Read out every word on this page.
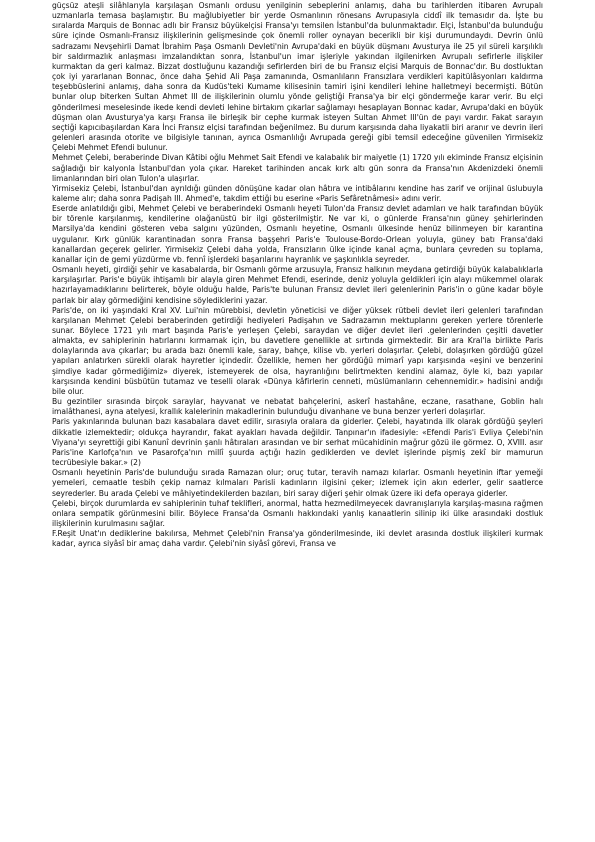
güçsüz ateşli silâhlarıyla karşılaşan Osmanlı ordusu yenilginin sebeplerini anlamış, daha bu tarihlerden itibaren Avrupalı uzmanlarla temasa başlamıştır. Bu mağlubiyetler bir yerde Osmanlının rönesans Avrupasıyla ciddî ilk temasıdır da. İşte bu sıralarda Marquis de Bonnac adlı bir Fransız büyükelçisi Fransa'yı temsilen İstanbul'da bulunmaktadır. Elçi, İstanbul'da bulunduğu süre içinde Osmanlı-Fransız ilişkilerinin gelişmesinde çok önemli roller oynayan becerikli bir kişi durumundaydı. Devrin ünlü sadrazamı Nevşehirli Damat İbrahim Paşa Osmanlı Devleti'nin Avrupa'daki en büyük düşmanı Avusturya ile 25 yıl süreli karşılıklı bir saldırmazlık anlaşması imzalandıktan sonra, İstanbul'un imar işleriyle yakından ilgilenirken Avrupalı sefirlerle ilişkiler kurmaktan da geri kalmaz. Bizzat dostluğunu kazandığı sefirlerden biri de bu Fransız elçisi Marquis de Bonnac'dır. Bu dostluktan çok iyi yararlanan Bonnac, önce daha Şehid Ali Paşa zamanında, Osmanlıların Fransızlara verdikleri kapitülâsyonları kaldırma teşebbüslerini anlamış, daha sonra da Kudüs'teki Kumame kilisesinin tamiri işini kendileri lehine halletmeyi becermişti. Bütün bunlar olup biterken Sultan Ahmet III de ilişkilerinin olumlu yönde geliştiği Fransa'ya bir elçi göndermeğe karar verir. Bu elçi gönderilmesi meselesinde ikede kendi devleti lehine birtakım çıkarlar sağlamayı hesaplayan Bonnac kadar, Avrupa'daki en büyük düşman olan Avusturya'ya karşı Fransa ile birleşik bir cephe kurmak isteyen Sultan Ahmet III'ün de payı vardır. Fakat sarayın seçtiği kapıcıbaşılardan Kara İnci Fransız elçisi tarafından beğenilmez. Bu durum karşısında daha liyakatli biri aranır ve devrin ileri gelenleri arasında otorite ve bilgisiyle tanınan, ayrıca Osmanlılığı Avrupada gereği gibi temsil edeceğine güvenilen Yirmisekiz Çelebi Mehmet Efendi bulunur.

Mehmet Çelebi, beraberinde Divan Kâtibi oğlu Mehmet Sait Efendi ve kalabalık bir maiyetle (1) 1720 yılı ekiminde Fransız elçisinin sağladığı bir kalyonla İstanbul'dan yola çıkar. Hareket tarihinden ancak kırk altı gün sonra da Fransa'nın Akdenizdeki önemli limanlarından biri olan Tulon'a ulaşırlar.

Yirmisekiz Çelebi, İstanbul'dan ayrıldığı günden dönüşüne kadar olan hâtıra ve intibâlarını kendine has zarif ve orijinal üslubuyla kaleme alır; daha sonra Padişah III. Ahmed'e, takdim ettiği bu eserine «Paris Sefâretnâmesi» adını verir.

Eserde anlatıldığı gibi, Mehmet Çelebi ve beraberindeki Osmanlı heyeti Tulon'da Fransız devlet adamları ve halk tarafından büyük bir törenle karşılanmış, kendilerine olağanüstü bir ilgi gösterilmiştir. Ne var ki, o günlerde Fransa'nın güney şehirlerinden Marsilya'da kendini gösteren veba salgını yüzünden, Osmanlı heyetine, Osmanlı ülkesinde henüz bilinmeyen bir karantina uygulanır. Kırk günlük karantinadan sonra Fransa başşehri Paris'e Toulouse-Bordo-Orlean yoluyla, güney batı Fransa'daki kanallardan geçerek gelirler. Yirmisekiz Çelebi daha yolda, Fransızların ülke içinde kanal açma, bunlara çevreden su toplama, kanallar için de gemi yüzdürme vb. fennî işlerdeki başarılarını hayranlık ve şaşkınlıkla seyreder.

Osmanlı heyeti, girdiği şehir ve kasabalarda, bir Osmanlı görme arzusuyla, Fransız halkının meydana getirdiği büyük kalabalıklarla karşılaşırlar. Paris'e büyük ihtişamlı bir alayla giren Mehmet Efendi, eserinde, deniz yoluyla geldikleri için alayı mükemmel olarak hazırlayamadıklarını belirterek, böyle olduğu halde, Paris'te bulunan Fransız devlet ileri gelenlerinin Paris'in o güne kadar böyle parlak bir alay görmediğini kendisine söylediklerini yazar.

Paris'de, on iki yaşındaki Kral XV. Lui'nin mürebbisi, devletin yöneticisi ve diğer yüksek rütbeli devlet ileri gelenleri tarafından karşılanan Mehmet Çelebi beraberinden getirdiği hediyeleri Padişahın ve Sadrazamın mektuplarını gereken yerlere törenlerle sunar. Böylece 1721 yılı mart başında Paris'e yerleşen Çelebi, saraydan ve diğer devlet ileri .gelenlerinden çeşitli davetler almakta, ev sahiplerinin hatırlarını kırmamak için, bu davetlere genellikle at sırtında girmektedir. Bir ara Kral'la birlikte Paris dolaylarında ava çıkarlar; bu arada bazı önemli kale, saray, bahçe, kilise vb. yerleri dolaşırlar. Çelebi, dolaşırken gördüğü güzel yapıları anlatırken sürekli olarak hayretler içindedir. Özellikle, hemen her gördüğü mimarî yapı karşısında «eşini ve benzerini şimdiye kadar görmediğimiz» diyerek, istemeyerek de olsa, hayranlığını belirtmekten kendini alamaz, öyle ki, bazı yapılar karşısında kendini büsbütün tutamaz ve teselli olarak «Dünya kâfirlerin cenneti, müslümanların cehennemidir.» hadisini andığı bile olur.

Bu gezintiler sırasında birçok saraylar, hayvanat ve nebatat bahçelerini, askerî hastahâne, eczane, rasathane, Goblin halı imalâthanesi, ayna atelyesi, krallık kalelerinin makadlerinin bulunduğu divanhane ve buna benzer yerleri dolaşırlar.

Paris yakınlarında bulunan bazı kasabalara davet edilir, sırasıyla oralara da giderler. Çelebi, hayatında ilk olarak gördüğü şeyleri dikkatle izlemektedir; oldukça hayrandır, fakat ayakları havada değildir. Tanpınar'ın ifadesiyle: «Efendi Paris'i Evliya Çelebi'nin Viyana'yı seyrettiği gibi Kanunî devrinin şanlı hâtıraları arasından ve bir serhat mücahidinin mağrur gözü ile görmez. O, XVIII. asır Paris'ine Karlofça'nın ve Pasarofça'nın millî şuurda açtığı hazin gediklerden ve devlet işlerinde pişmiş zekî bir mamurun tecrübesiyle bakar.» (2)

Osmanlı heyetinin Paris'de bulunduğu sırada Ramazan olur; oruç tutar, teravih namazı kılarlar. Osmanlı heyetinin iftar yemeği yemeleri, cemaatle tesbih çekip namaz kılmaları Parisli kadınların ilgisini çeker; izlemek için akın ederler, gelir saatlerce seyrederler. Bu arada Çelebi ve mâhiyetindekilerden bazıları, biri saray diğeri şehir olmak üzere iki defa operaya giderler.

Çelebi, birçok durumlarda ev sahiplerinin tuhaf teklifleri, anormal, hatta hezmedilmeyecek davranışlarıyla karşılaş-masına rağmen onlara sempatik görünmesini bilir. Böylece Fransa'da Osmanlı hakkındaki yanlış kanaatlerin silinip iki ülke arasındaki dostluk ilişkilerinin kurulmasını sağlar.

F.Reşit Unat'ın dediklerine bakılırsa, Mehmet Çelebi'nin Fransa'ya gönderilmesinde, iki devlet arasında dostluk ilişkileri kurmak kadar, ayrıca siyâsî bir amaç daha vardır. Çelebi'nin siyâsî görevi, Fransa ve
